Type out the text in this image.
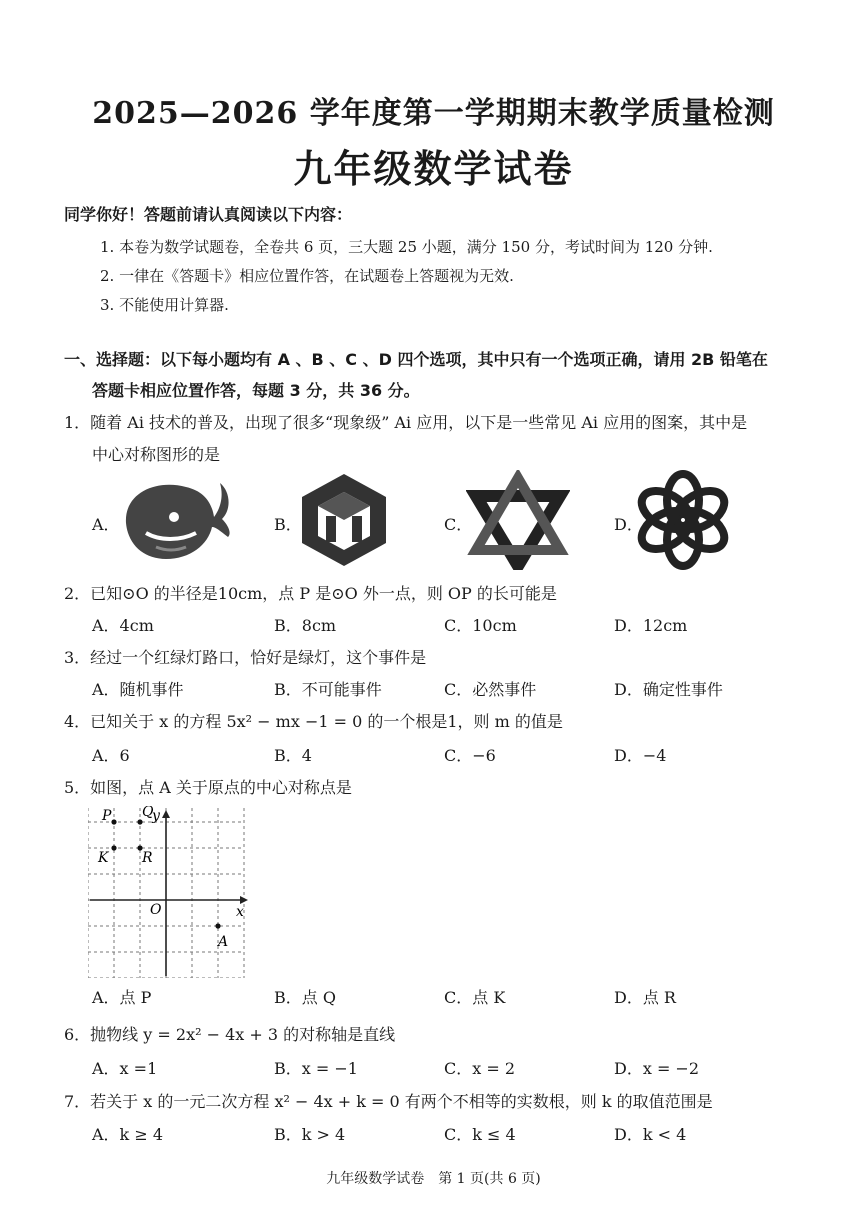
2025—2026 学年度第一学期期末教学质量检测
九年级数学试卷
同学你好！答题前请认真阅读以下内容：
1. 本卷为数学试题卷，全卷共 6 页，三大题 25 小题，满分 150 分，考试时间为 120 分钟.
2. 一律在《答题卡》相应位置作答，在试题卷上答题视为无效.
3. 不能使用计算器.
一、选择题：以下每小题均有 A 、B 、C 、D 四个选项，其中只有一个选项正确，请用 2B 铅笔在
答题卡相应位置作答，每题 3 分，共 36 分。
1．随着 Ai 技术的普及，出现了很多“现象级” Ai 应用，以下是一些常见 Ai 应用的图案，其中是
中心对称图形的是
A．	B．	C．	D．
2．已知⊙O 的半径是10cm，点 P 是⊙O 外一点，则 OP 的长可能是
A．4cm	B．8cm	C．10cm	D．12cm
3．经过一个红绿灯路口，恰好是绿灯，这个事件是
A．随机事件	B．不可能事件	C．必然事件	D．确定性事件
4．已知关于 x 的方程 5x² − mx −1 = 0 的一个根是1，则 m 的值是
A．6	B．4	C．−6	D．−4
5．如图，点 A 关于原点的中心对称点是
x
y
O
P Q
K R
A
A．点 P	B．点 Q	C．点 K	D．点 R
6．抛物线 y = 2x² − 4x + 3 的对称轴是直线
A．x =1	B．x = −1	C．x = 2	D．x = −2
7．若关于 x 的一元二次方程 x² − 4x + k = 0 有两个不相等的实数根，则 k 的取值范围是
A．k ≥ 4	B．k > 4	C．k ≤ 4	D．k < 4
九年级数学试卷　第 1 页(共 6 页)
